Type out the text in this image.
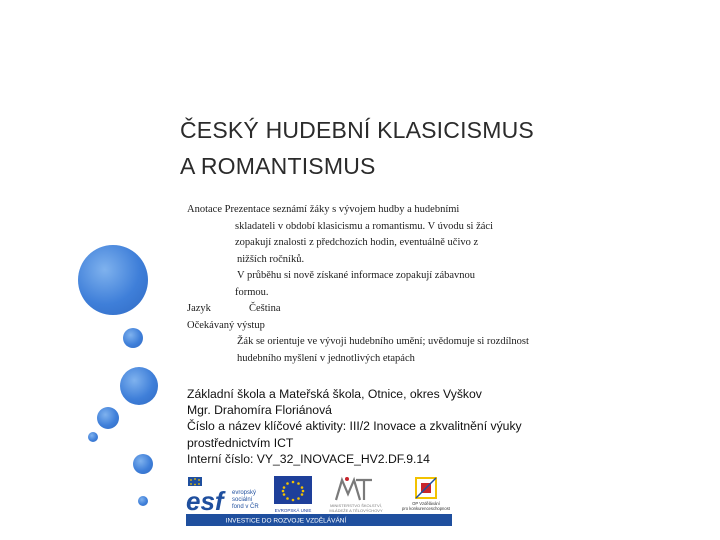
ČESKÝ HUDEBNÍ KLASICISMUS
A ROMANTISMUS
Anotace Prezentace seznámí žáky s vývojem hudby a hudebními
skladateli v období klasicismu a romantismu. V úvodu si žáci
zopakují znalosti z předchozích hodin, eventuálně učivo z
nižších ročníků.
V průběhu si nově získané informace zopakují zábavnou
formou.
Jazyk	Čeština
Očekávaný výstup
Žák se orientuje ve vývoji hudebního umění; uvědomuje si rozdílnost
hudebního myšlení v jednotlivých etapách
Základní škola a Mateřská škola, Otnice, okres Vyškov
Mgr. Drahomíra Floriánová
Číslo a název klíčové aktivity: III/2 Inovace a zkvalitnění výuky
prostřednictvím ICT
Interní číslo: VY_32_INOVACE_HV2.DF.9.14
esf	evropský
sociální
fond v ČR
EVROPSKÁ UNIE
MINISTERSTVO ŠKOLSTVÍ,
MLÁDEŽE A TĚLOVÝCHOVY
OP Vzdělávání
pro konkurenceschopnost
INVESTICE DO ROZVOJE VZDĚLÁVÁNÍ
